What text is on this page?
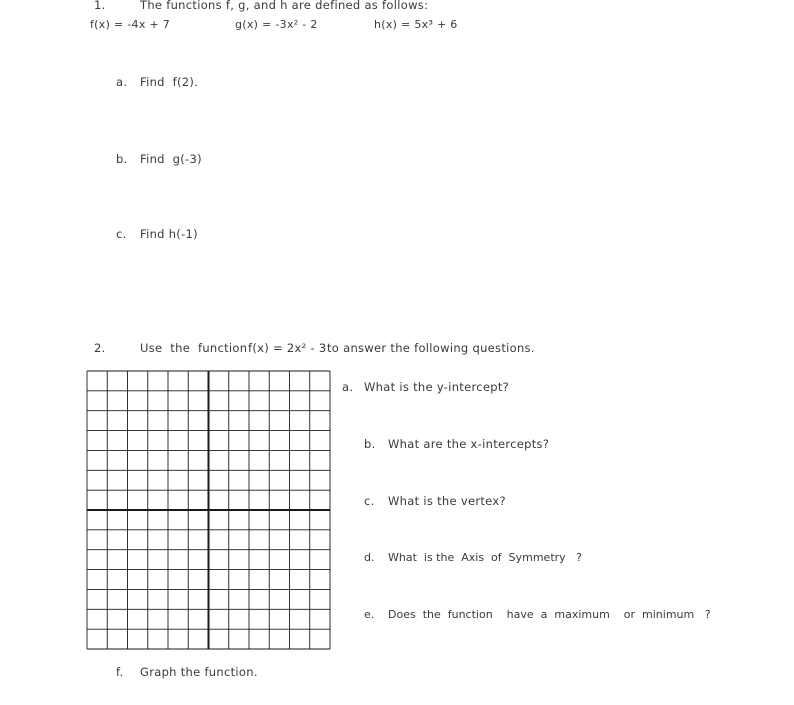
1.	The functions f, g, and h are defined as follows:
f(x) = -4x + 7	g(x) = -3x² - 2	h(x) = 5x³ + 6
a. Find  f(2).
b. Find  g(-3)
c. Find h(-1)
2.	Use  the  function f(x) = 2x² - 3 to answer the following questions.
a. What is the y-intercept?
b. What are the x-intercepts?
c. What is the vertex?
d. What  is the  Axis  of  Symmetry   ?
e. Does  the  function    have  a  maximum    or  minimum   ?
f. Graph the function.
